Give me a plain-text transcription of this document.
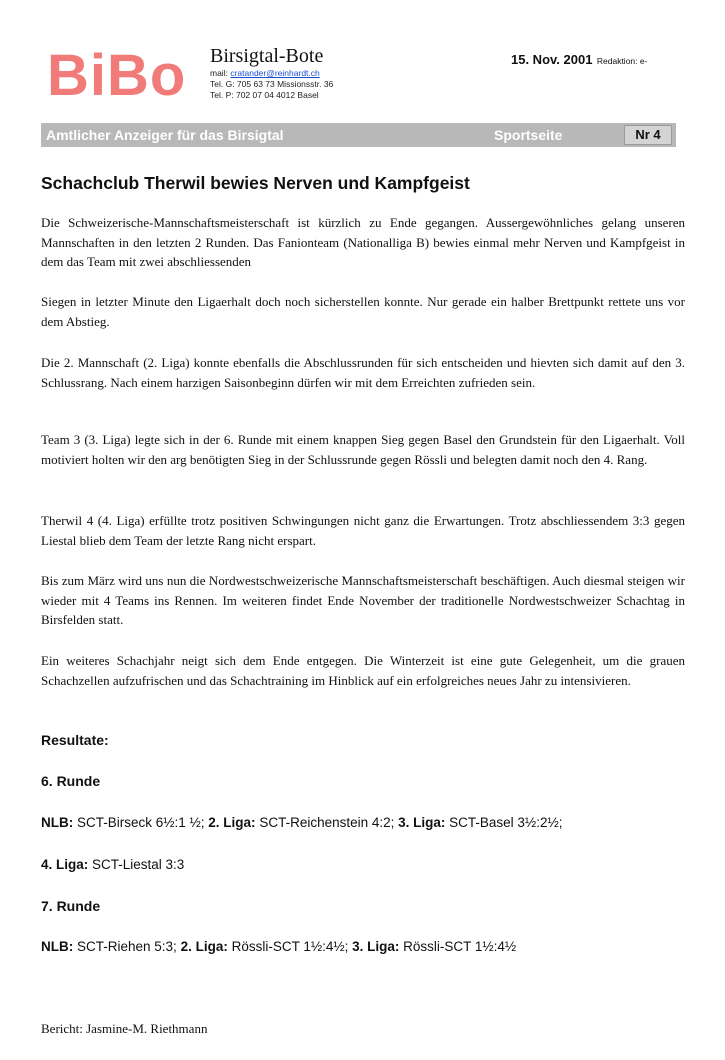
BiBo Birsigtal-Bote
mail: cratander@reinhardt.ch
Tel. G: 705 63 73 Missionsstr. 36
Tel. P: 702 07 04 4012 Basel
15. Nov. 2001 Redaktion: e-
Amtlicher Anzeiger für das Birsigtal	Sportseite	Nr 4
Schachclub Therwil bewies Nerven und Kampfgeist

Die Schweizerische-Mannschaftsmeisterschaft ist kürzlich zu Ende gegangen. Aussergewöhnliches gelang unseren Mannschaften in den letzten 2 Runden. Das Fanionteam (Nationalliga B) bewies einmal mehr Nerven und Kampfgeist in dem das Team mit zwei abschliessenden

Siegen in letzter Minute den Ligaerhalt doch noch sicherstellen konnte. Nur gerade ein halber Brettpunkt rettete uns vor dem Abstieg.

Die 2. Mannschaft (2. Liga) konnte ebenfalls die Abschlussrunden für sich entscheiden und hievten sich damit auf den 3. Schlussrang. Nach einem harzigen Saisonbeginn dürfen wir mit dem Erreichten zufrieden sein.

Team 3 (3. Liga) legte sich in der 6. Runde mit einem knappen Sieg gegen Basel den Grundstein für den Ligaerhalt. Voll motiviert holten wir den arg benötigten Sieg in der Schlussrunde gegen Rössli und belegten damit noch den 4. Rang.

Therwil 4 (4. Liga) erfüllte trotz positiven Schwingungen nicht ganz die Erwartungen. Trotz abschliessendem 3:3 gegen Liestal blieb dem Team der letzte Rang nicht erspart.

Bis zum März wird uns nun die Nordwestschweizerische Mannschaftsmeisterschaft beschäftigen. Auch diesmal steigen wir wieder mit 4 Teams ins Rennen. Im weiteren findet Ende November der traditionelle Nordwestschweizer Schachtag in Birsfelden statt.

Ein weiteres Schachjahr neigt sich dem Ende entgegen. Die Winterzeit ist eine gute Gelegenheit, um die grauen Schachzellen aufzufrischen und das Schachtraining im Hinblick auf ein erfolgreiches neues Jahr zu intensivieren.

Resultate:
6. Runde
NLB: SCT-Birseck 6½:1 ½; 2. Liga: SCT-Reichenstein 4:2; 3. Liga: SCT-Basel 3½:2½;
4. Liga: SCT-Liestal 3:3
7. Runde
NLB: SCT-Riehen 5:3; 2. Liga: Rössli-SCT 1½:4½; 3. Liga: Rössli-SCT 1½:4½
Bericht: Jasmine-M. Riethmann
